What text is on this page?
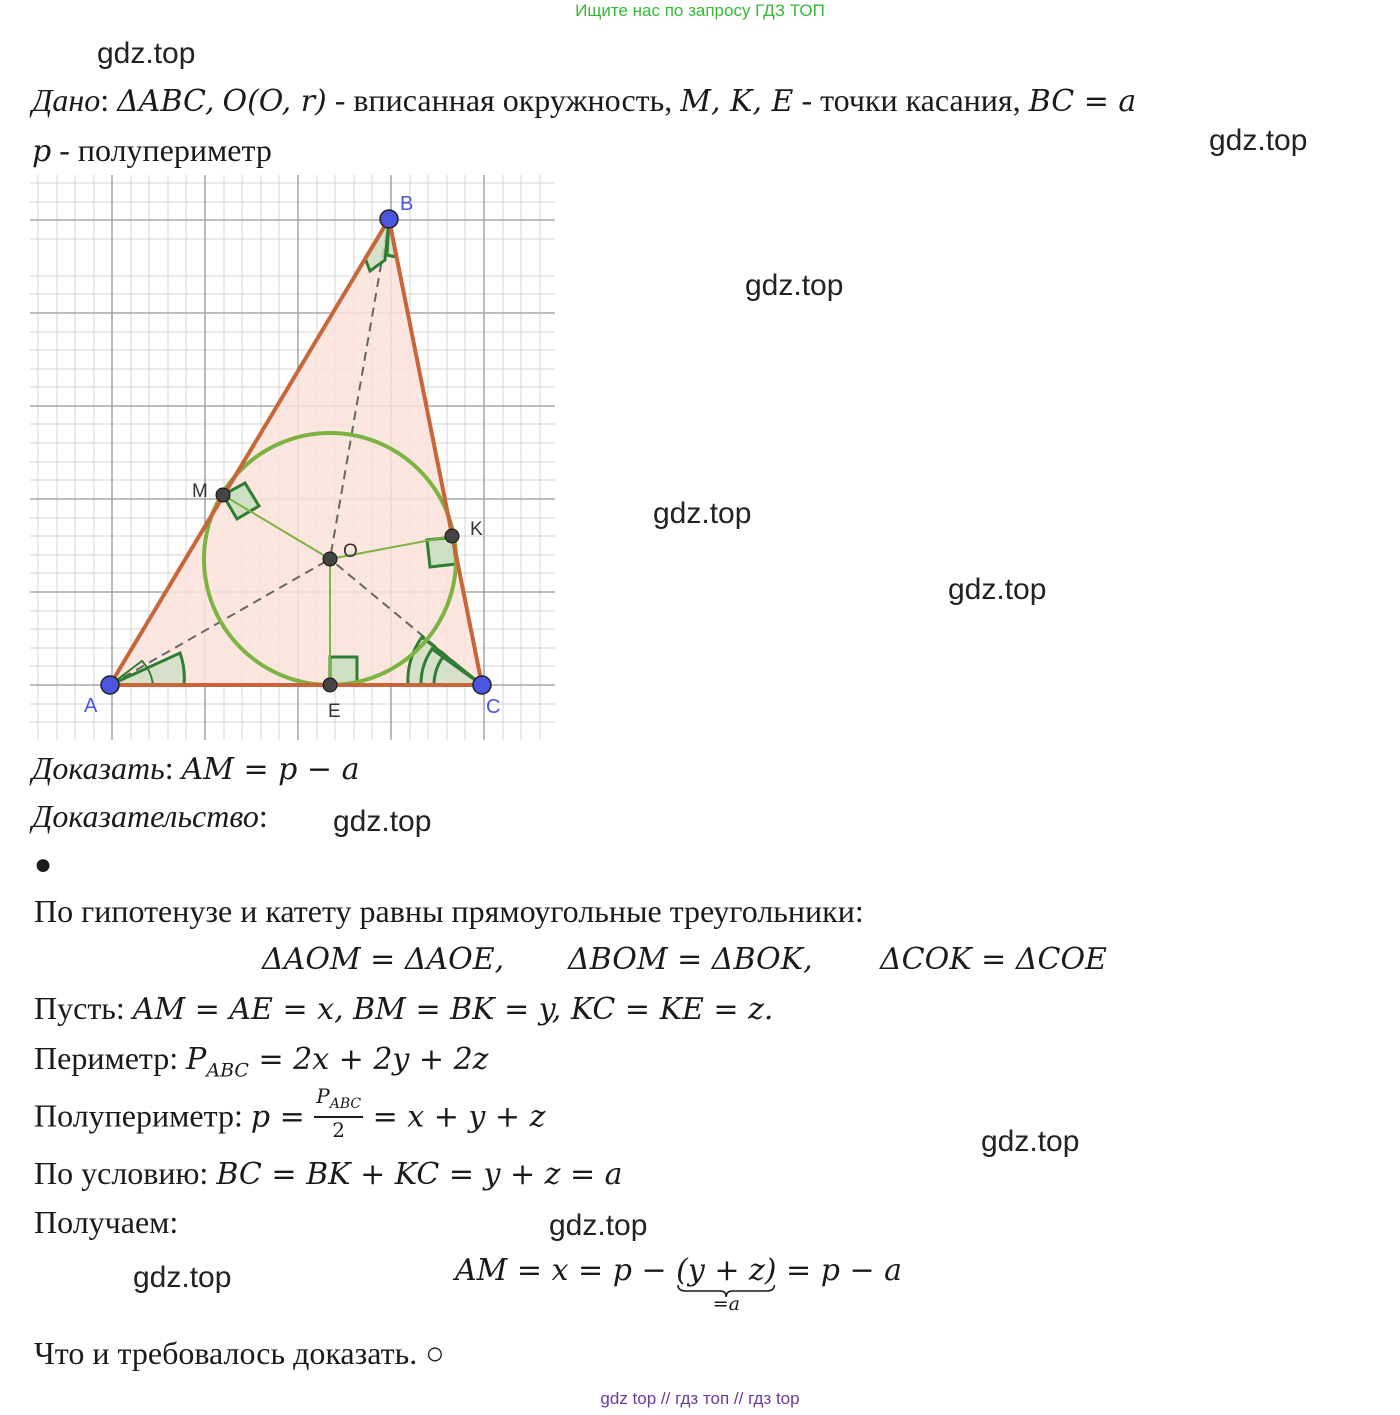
Ищите нас по запросу ГДЗ ТОП
gdz.top
gdz.top
gdz.top
gdz.top
gdz.top
gdz.top
gdz.top
gdz.top
gdz.top
Дано: ΔABC, O(O, r) - вписанная окружность, M, K, E - точки касания, BC = a
p - полупериметр
A
B
C
M
K
O
E
Доказать: AM = p − a
Доказательство:
●
По гипотенузе и катету равны прямоугольные треугольники:
ΔAOM = ΔAOE, ΔBOM = ΔBOK, ΔCOK = ΔCOE
Пусть: AM = AE = x, BM = BK = y, KC = KE = z.
Периметр: $P_{ABC} = 2x + 2y + 2z$
Полупериметр: $p = \frac{P_{ABC}}{2} = x + y + z$
По условию: BC = BK + KC = y + z = a
Получаем:
AM = x = p − (y + z)
=a
= p − a
Что и требовалось доказать. ○
gdz top // гдз топ // гдз top
